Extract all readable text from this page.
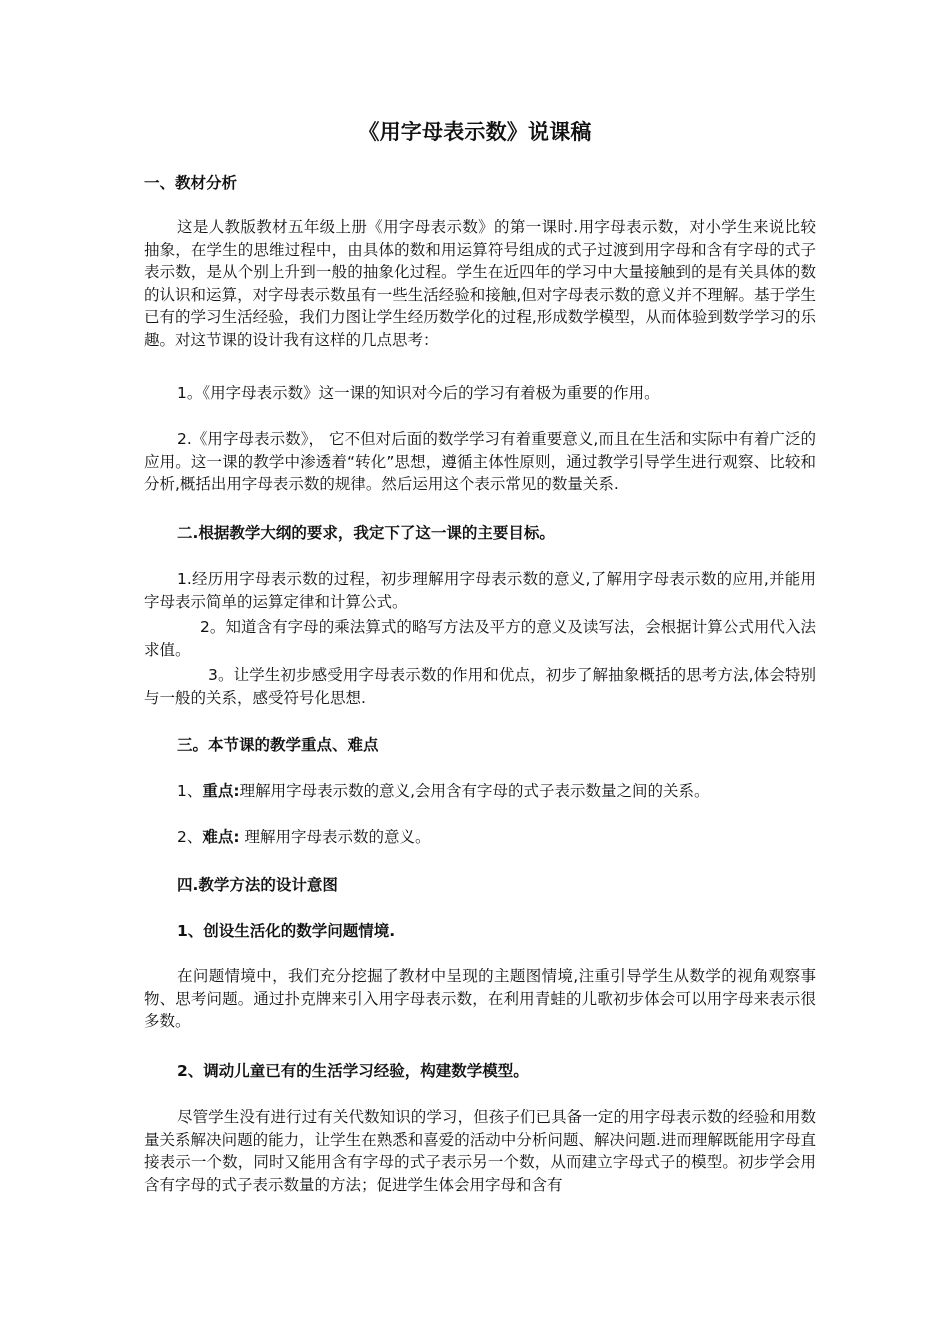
《用字母表示数》说课稿

一、教材分析

这是人教版教材五年级上册《用字母表示数》的第一课时.用字母表示数，对小学生来说比较抽象，在学生的思维过程中，由具体的数和用运算符号组成的式子过渡到用字母和含有字母的式子表示数，是从个别上升到一般的抽象化过程。学生在近四年的学习中大量接触到的是有关具体的数的认识和运算，对字母表示数虽有一些生活经验和接触,但对字母表示数的意义并不理解。基于学生已有的学习生活经验，我们力图让学生经历数学化的过程,形成数学模型，从而体验到数学学习的乐趣。对这节课的设计我有这样的几点思考：

1。《用字母表示数》这一课的知识对今后的学习有着极为重要的作用。

2.《用字母表示数》， 它不但对后面的数学学习有着重要意义,而且在生活和实际中有着广泛的应用。这一课的教学中渗透着“转化”思想，遵循主体性原则，通过教学引导学生进行观察、比较和分析,概括出用字母表示数的规律。然后运用这个表示常见的数量关系.

二.根据教学大纲的要求，我定下了这一课的主要目标。

1.经历用字母表示数的过程，初步理解用字母表示数的意义,了解用字母表示数的应用,并能用字母表示简单的运算定律和计算公式。

2。知道含有字母的乘法算式的略写方法及平方的意义及读写法，会根据计算公式用代入法求值。

3。让学生初步感受用字母表示数的作用和优点，初步了解抽象概括的思考方法,体会特别与一般的关系，感受符号化思想.

三。本节课的教学重点、难点

1、重点:理解用字母表示数的意义,会用含有字母的式子表示数量之间的关系。

2、难点: 理解用字母表示数的意义。

四.教学方法的设计意图

1、创设生活化的数学问题情境.

在问题情境中，我们充分挖掘了教材中呈现的主题图情境,注重引导学生从数学的视角观察事物、思考问题。通过扑克牌来引入用字母表示数，在利用青蛙的儿歌初步体会可以用字母来表示很多数。

2、调动儿童已有的生活学习经验，构建数学模型。

尽管学生没有进行过有关代数知识的学习，但孩子们已具备一定的用字母表示数的经验和用数量关系解决问题的能力，让学生在熟悉和喜爱的活动中分析问题、解决问题.进而理解既能用字母直接表示一个数，同时又能用含有字母的式子表示另一个数，从而建立字母式子的模型。初步学会用含有字母的式子表示数量的方法；促进学生体会用字母和含有
